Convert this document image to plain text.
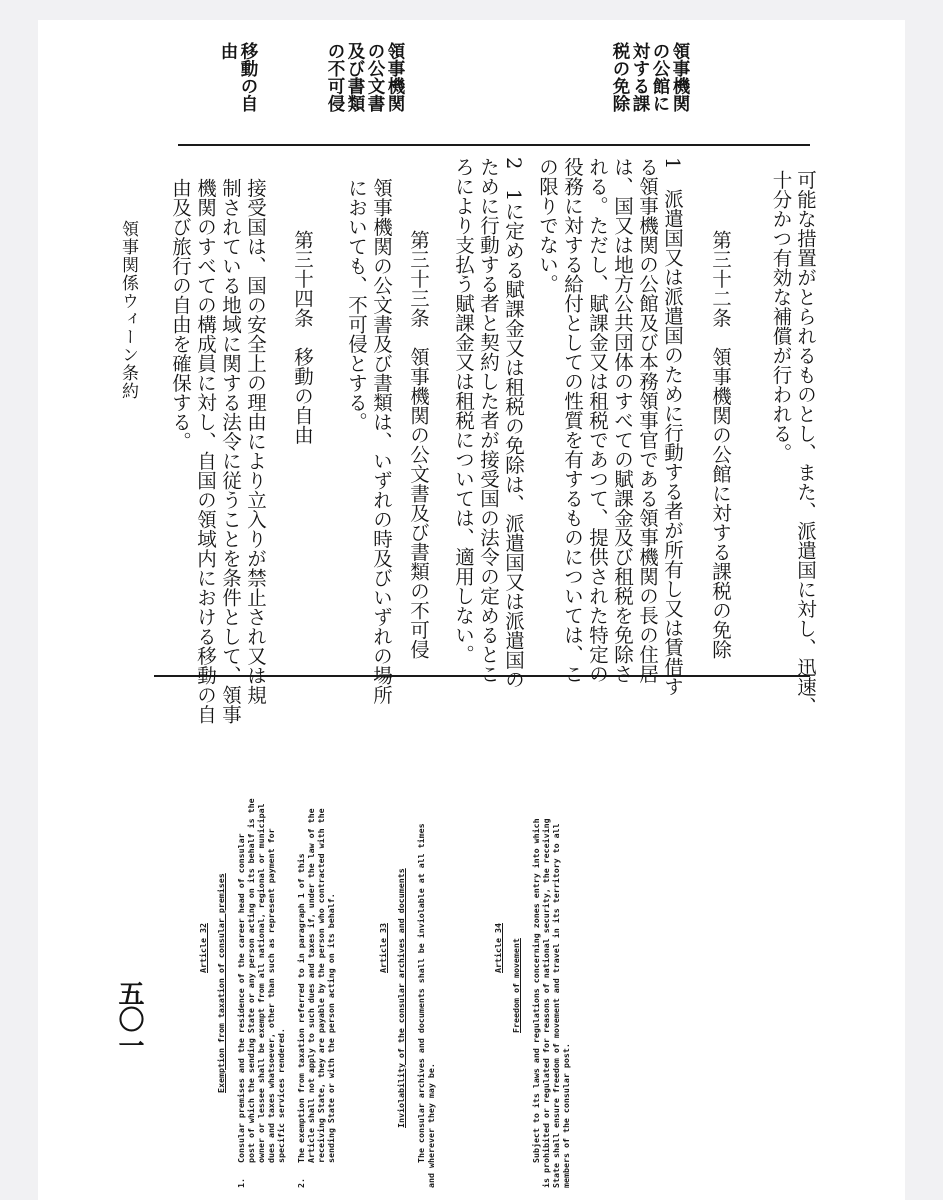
領事機関
の公館に
対する課
税の免除
領事機関
の公文書
及び書類
の不可侵
移動の自
由
可能な措置がとられるものとし、また、派遣国に対し、迅速、
十分かつ有効な補償が行われる。
第三十二条　領事機関の公館に対する課税の免除
1　派遣国又は派遣国のために行動する者が所有し又は賃借す
る領事機関の公館及び本務領事官である領事機関の長の住居
は、国又は地方公共団体のすべての賦課金及び租税を免除さ
れる。ただし、賦課金又は租税であつて、提供された特定の
役務に対する給付としての性質を有するものについては、こ
の限りでない。
2　1に定める賦課金又は租税の免除は、派遣国又は派遣国の
ために行動する者と契約した者が接受国の法令の定めるとこ
ろにより支払う賦課金又は租税については、適用しない。
第三十三条　領事機関の公文書及び書類の不可侵
領事機関の公文書及び書類は、いずれの時及びいずれの場所
においても、不可侵とする。
第三十四条　移動の自由
接受国は、国の安全上の理由により立入りが禁止され又は規
制されている地域に関する法令に従うことを条件として、領事
機関のすべての構成員に対し、自国の領域内における移動の自
由及び旅行の自由を確保する。
領事関係ウィーン条約
五〇一
Article 32 Exemption from taxation of consular premises
1.   Consular premises and the residence of the career head of consular
post of which the sending State or any person acting on its behalf is the
owner or lessee shall be exempt from all national, regional or municipal
dues and taxes whatsoever, other than such as represent payment for
specific services rendered.
2.   The exemption from taxation referred to in paragraph 1 of this
Article shall not apply to such dues and taxes if, under the law of the
receiving State, they are payable by the person who contracted with the
sending State or with the person acting on its behalf.
Article 33 Inviolability of the consular archives and documents
The consular archives and documents shall be inviolable at all times
and wherever they may be.
Article 34 Freedom of movement
Subject to its laws and regulations concerning zones entry into which
is prohibited or regulated for reasons of national security, the receiving
State shall ensure freedom of movement and travel in its territory to all
members of the consular post.
